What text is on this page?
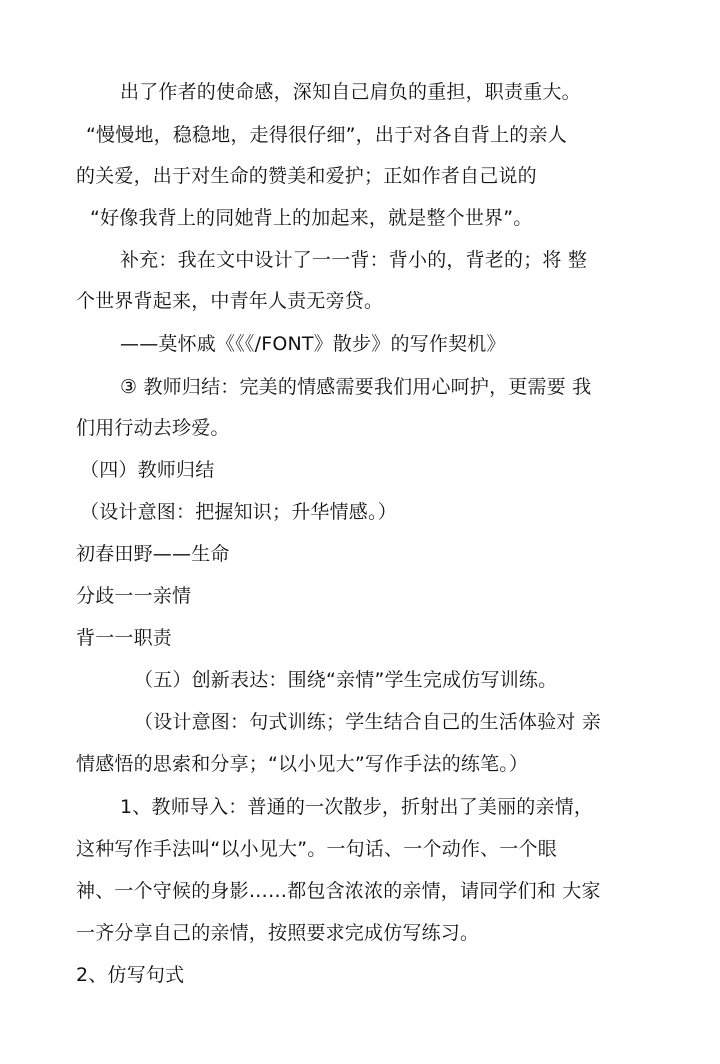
出了作者的使命感，深知自己肩负的重担，职责重大。
“慢慢地，稳稳地，走得很仔细”，出于对各自背上的亲人
的关爱，出于对生命的赞美和爱护；正如作者自己说的
“好像我背上的同她背上的加起来，就是整个世界”。
补充：我在文中设计了一一背：背小的，背老的；将 整
个世界背起来，中青年人责无旁贷。
——莫怀戚《《《/FONT》散步》的写作契机》
③ 教师归结：完美的情感需要我们用心呵护，更需要 我
们用行动去珍爱。
（四）教师归结
（设计意图：把握知识；升华情感。）
初春田野——生命
分歧一一亲情
背一一职责
（五）创新表达：围绕“亲情”学生完成仿写训练。
（设计意图：句式训练；学生结合自己的生活体验对 亲
情感悟的思索和分享；“以小见大”写作手法的练笔。）
1、教师导入：普通的一次散步，折射出了美丽的亲情，
这种写作手法叫“以小见大”。一句话、一个动作、一个眼
神、一个守候的身影……都包含浓浓的亲情，请同学们和 大家
一齐分享自己的亲情，按照要求完成仿写练习。
2、仿写句式
